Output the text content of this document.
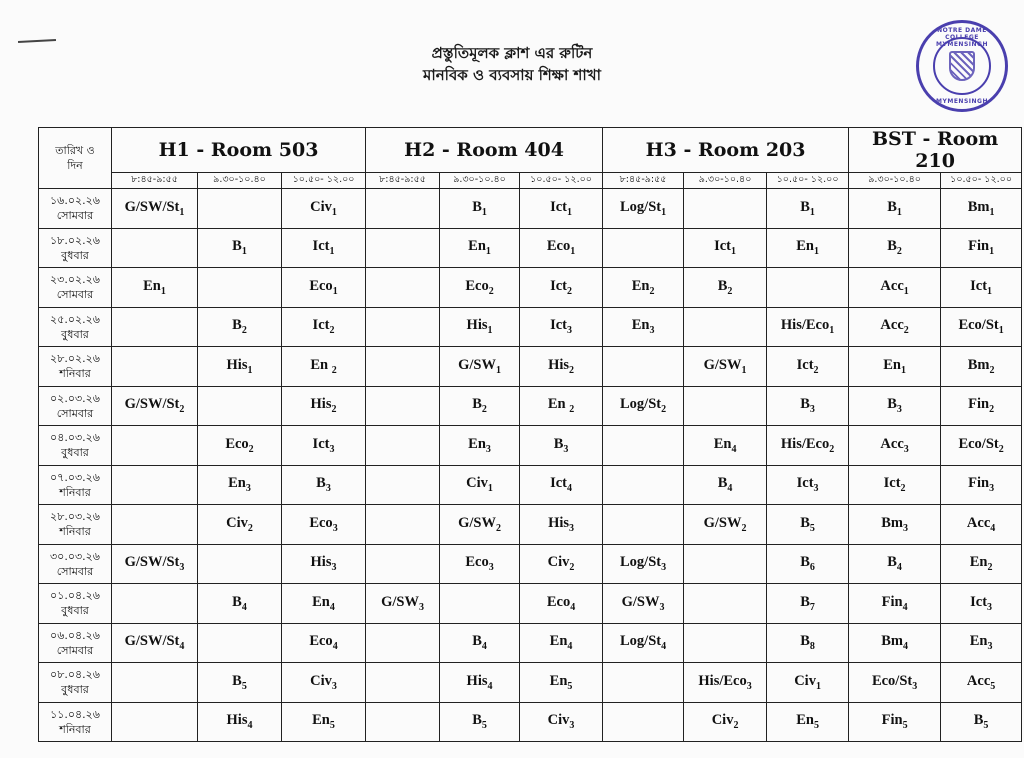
প্রস্তুতিমূলক ক্লাশ এর রুটিন
মানবিক ও ব্যবসায় শিক্ষা শাখা
NOTRE DAME COLLEGE MYMENSINGH
MYMENSINGH
তারিখ ও
দিন	H1 - Room 503			H2 - Room 404			H3 - Room 203			BST - Room 210	
	৮:৪৫-৯:৫৫	৯.৩০-১০.৪০	১০.৫০- ১২.০০	৮:৪৫-৯:৫৫	৯.৩০-১০.৪০	১০.৫০- ১২.০০	৮:৪৫-৯:৫৫	৯.৩০-১০.৪০	১০.৫০- ১২.০০	৯.৩০-১০.৪০	১০.৫০- ১২.০০

১৬.০২.২৬
সোমবার	$G/SW/St_1$		Civ$_1$		$B_1$	Ict$_1$	Log/$St_1$		$B_1$	$B_1$	$Bm_1$

১৮.০২.২৬
বুধবার		$B_1$	Ict$_1$		$En_1$	Eco$_1$		Ict$_1$	$En_1$	$B_2$	Fin$_1$

২৩.০২.২৬
সোমবার	$En_1$		Eco$_1$		Eco$_2$	Ict$_2$	$En_2$	$B_2$		Acc$_1$	Ict$_1$

২৫.০২.২৬
বুধবার		$B_2$	Ict$_2$		His$_1$	Ict$_3$	$En_3$		His/Eco$_1$	Acc$_2$	Eco/$St_1$

২৮.০২.২৬
শনিবার		His$_1$	En $_2$		$G/SW_1$	His$_2$		$G/SW_1$	Ict$_2$	$En_1$	$Bm_2$

০২.০৩.২৬
সোমবার	$G/SW/St_2$		His$_2$		$B_2$	En $_2$	Log/$St_2$		$B_3$	$B_3$	Fin$_2$

০৪.০৩.২৬
বুধবার		Eco$_2$	Ict$_3$		$En_3$	$B_3$		$En_4$	His/Eco$_2$	Acc$_3$	Eco/$St_2$

০৭.০৩.২৬
শনিবার		$En_3$	$B_3$		Civ$_1$	Ict$_4$		$B_4$	Ict$_3$	Ict$_2$	Fin$_3$

২৮.০৩.২৬
শনিবার		Civ$_2$	Eco$_3$		$G/SW_2$	His$_3$		$G/SW_2$	$B_5$	$Bm_3$	Acc$_4$

৩০.০৩.২৬
সোমবার	$G/SW/St_3$		His$_3$		Eco$_3$	Civ$_2$	Log/$St_3$		$B_6$	$B_4$	$En_2$

০১.০৪.২৬
বুধবার		$B_4$	$En_4$	$G/SW_3$		Eco$_4$	$G/SW_3$		$B_7$	Fin$_4$	Ict$_3$

০৬.০৪.২৬
সোমবার	$G/SW/St_4$		Eco$_4$		$B_4$	$En_4$	Log/$St_4$		$B_8$	$Bm_4$	$En_3$

০৮.০৪.২৬
বুধবার		$B_5$	Civ$_3$		His$_4$	$En_5$		His/Eco$_3$	Civ$_1$	Eco/$St_3$	Acc$_5$

১১.০৪.২৬
শনিবার		His$_4$	$En_5$		$B_5$	Civ$_3$		Civ$_2$	$En_5$	Fin$_5$	$B_5$
